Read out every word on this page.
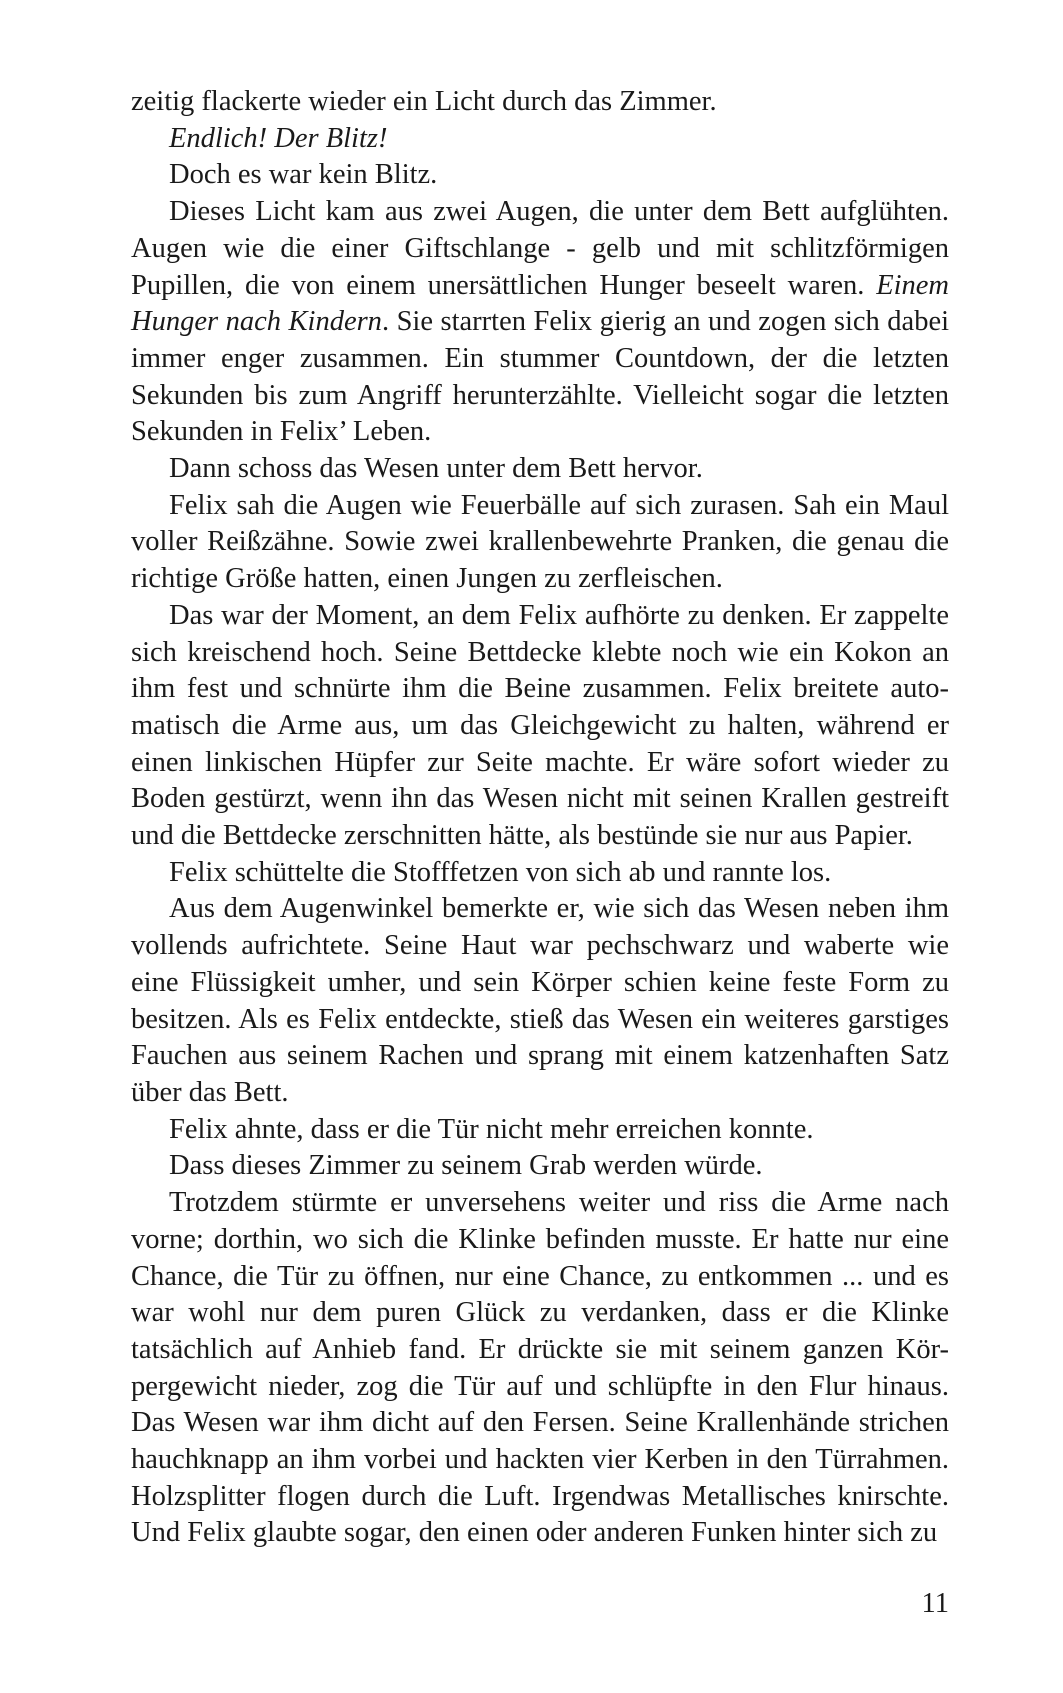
zeitig flackerte wieder ein Licht durch das Zimmer.

Endlich! Der Blitz!

Doch es war kein Blitz.

Dieses Licht kam aus zwei Augen, die unter dem Bett aufglühten. Augen wie die einer Giftschlange - gelb und mit schlitzförmigen Pupillen, die von einem unersättlichen Hunger beseelt waren. Einem Hunger nach Kindern. Sie starrten Felix gierig an und zogen sich dabei immer enger zusammen. Ein stummer Countdown, der die letzten Sekunden bis zum Angriff herunterzählte. Vielleicht sogar die letzten Sekunden in Felix’ Leben.

Dann schoss das Wesen unter dem Bett hervor.

Felix sah die Augen wie Feuerbälle auf sich zurasen. Sah ein Maul voller Reißzähne. Sowie zwei krallenbewehrte Pranken, die genau die richtige Größe hatten, einen Jungen zu zerfleischen.

Das war der Moment, an dem Felix aufhörte zu denken. Er zappelte sich kreischend hoch. Seine Bettdecke klebte noch wie ein Kokon an ihm fest und schnürte ihm die Beine zusammen. Felix breitete auto-matisch die Arme aus, um das Gleichgewicht zu halten, während er einen linkischen Hüpfer zur Seite machte. Er wäre sofort wieder zu Boden gestürzt, wenn ihn das Wesen nicht mit seinen Krallen gestreift und die Bettdecke zerschnitten hätte, als bestünde sie nur aus Papier.

Felix schüttelte die Stofffetzen von sich ab und rannte los.

Aus dem Augenwinkel bemerkte er, wie sich das Wesen neben ihm vollends aufrichtete. Seine Haut war pechschwarz und waberte wie eine Flüssigkeit umher, und sein Körper schien keine feste Form zu besitzen. Als es Felix entdeckte, stieß das Wesen ein weiteres garstiges Fauchen aus seinem Rachen und sprang mit einem katzenhaften Satz über das Bett.

Felix ahnte, dass er die Tür nicht mehr erreichen konnte.

Dass dieses Zimmer zu seinem Grab werden würde.

Trotzdem stürmte er unversehens weiter und riss die Arme nach vorne; dorthin, wo sich die Klinke befinden musste. Er hatte nur eine Chance, die Tür zu öffnen, nur eine Chance, zu entkommen ... und es war wohl nur dem puren Glück zu verdanken, dass er die Klinke tatsächlich auf Anhieb fand. Er drückte sie mit seinem ganzen Kör-pergewicht nieder, zog die Tür auf und schlüpfte in den Flur hinaus. Das Wesen war ihm dicht auf den Fersen. Seine Krallenhände strichen hauchknapp an ihm vorbei und hackten vier Kerben in den Türrahmen. Holzsplitter flogen durch die Luft. Irgendwas Metallisches knirschte. Und Felix glaubte sogar, den einen oder anderen Funken hinter sich zu

11
